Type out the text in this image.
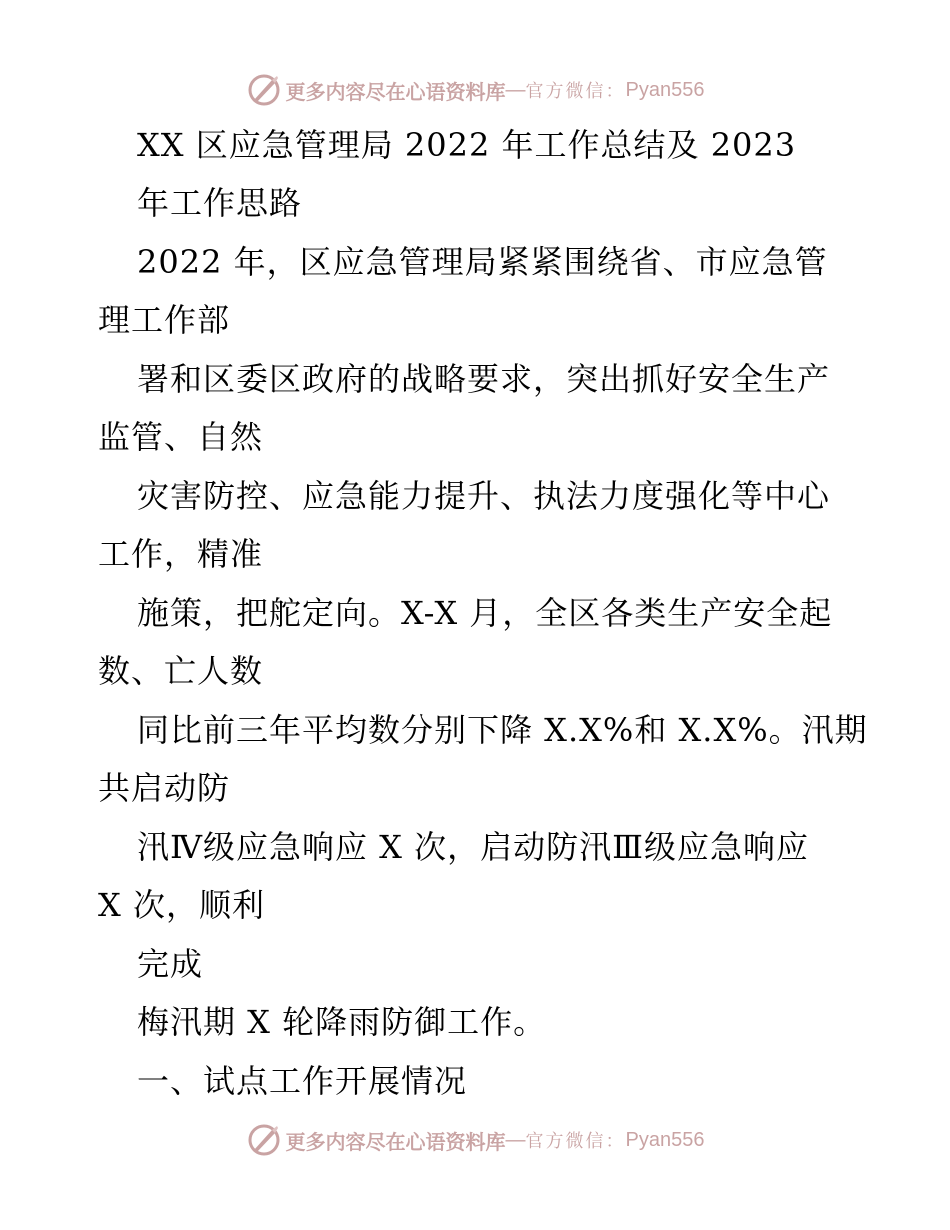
更多内容尽在心语资料库 — 官方微信： Pyan556
XX 区应急管理局 2022 年工作总结及 2023
年工作思路
2022 年，区应急管理局紧紧围绕省、市应急管
理工作部
署和区委区政府的战略要求，突出抓好安全生产
监管、自然
灾害防控、应急能力提升、执法力度强化等中心
工作，精准
施策，把舵定向。X-X 月，全区各类生产安全起
数、亡人数
同比前三年平均数分别下降 X.X%和 X.X%。汛期
共启动防
汛Ⅳ级应急响应 X 次，启动防汛Ⅲ级应急响应
X 次，顺利
完成
梅汛期 X 轮降雨防御工作。
一、试点工作开展情况
更多内容尽在心语资料库 — 官方微信： Pyan556
